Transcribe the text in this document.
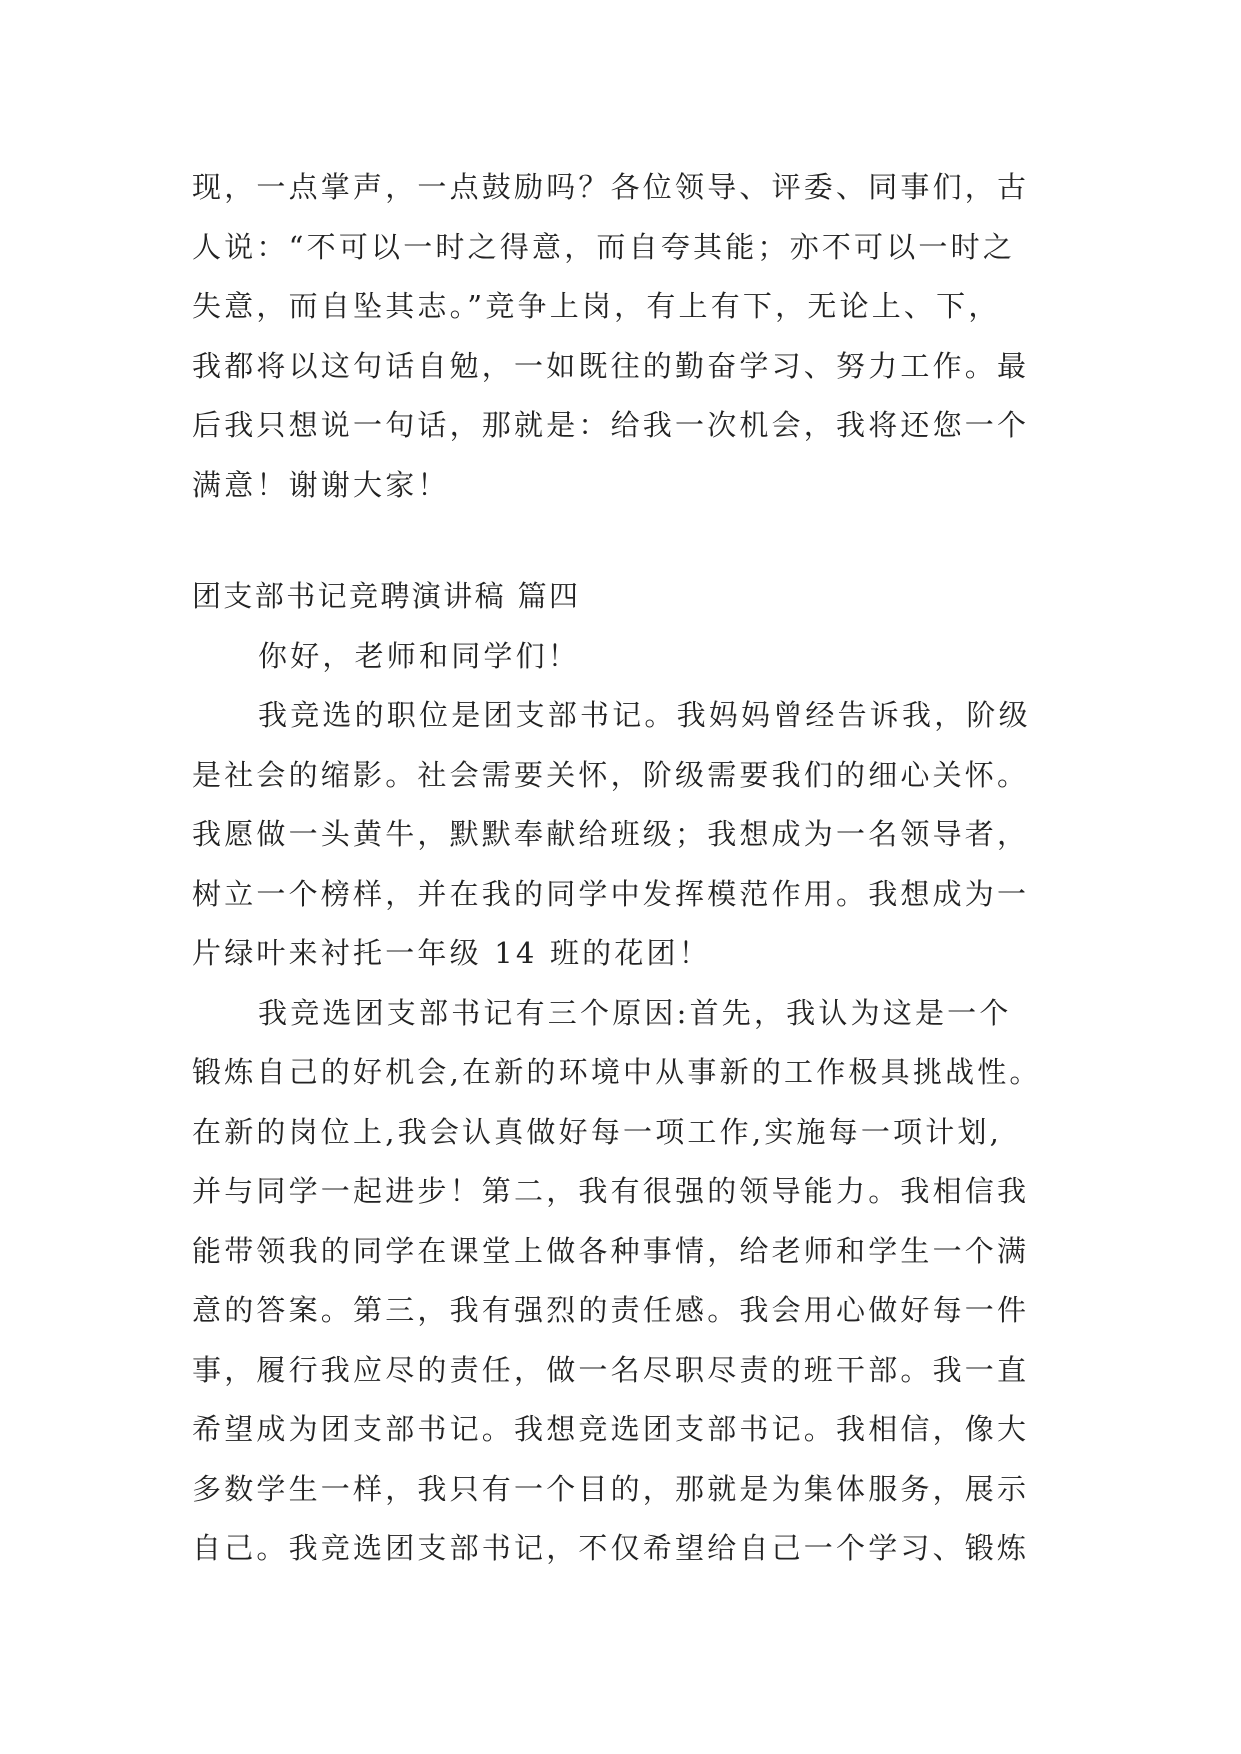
现，一点掌声，一点鼓励吗？各位领导、评委、同事们，古
人说：“不可以一时之得意，而自夸其能；亦不可以一时之
失意，而自坠其志。”竞争上岗，有上有下，无论上、下，
我都将以这句话自勉，一如既往的勤奋学习、努力工作。最
后我只想说一句话，那就是：给我一次机会，我将还您一个
满意！谢谢大家！
团支部书记竞聘演讲稿 篇四
你好，老师和同学们！
我竞选的职位是团支部书记。我妈妈曾经告诉我，阶级
是社会的缩影。社会需要关怀，阶级需要我们的细心关怀。
我愿做一头黄牛，默默奉献给班级；我想成为一名领导者，
树立一个榜样，并在我的同学中发挥模范作用。我想成为一
片绿叶来衬托一年级 14 班的花团！
我竞选团支部书记有三个原因:首先，我认为这是一个
锻炼自己的好机会,在新的环境中从事新的工作极具挑战性。
在新的岗位上,我会认真做好每一项工作,实施每一项计划,
并与同学一起进步！第二，我有很强的领导能力。我相信我
能带领我的同学在课堂上做各种事情，给老师和学生一个满
意的答案。第三，我有强烈的责任感。我会用心做好每一件
事，履行我应尽的责任，做一名尽职尽责的班干部。我一直
希望成为团支部书记。我想竞选团支部书记。我相信，像大
多数学生一样，我只有一个目的，那就是为集体服务，展示
自己。我竞选团支部书记，不仅希望给自己一个学习、锻炼
